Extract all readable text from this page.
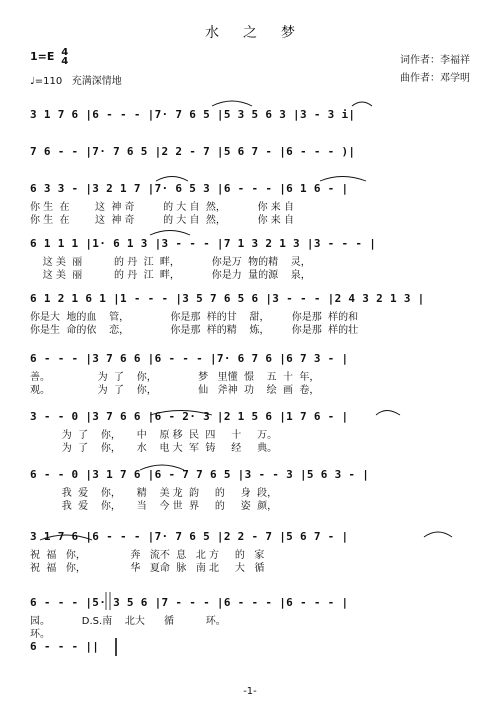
水之梦
1=E 4
4
♩=110 充满深情地
词作者：李福祥
曲作者：邓学明
3 1 7 6 |6 - - - |7· 7 6 5 |5 3 5 6 3 |3 - 3 i|
7 6 - - |7· 7 6 5 |2 2 - 7 |5 6 7 - |6 - - - )|
6 3 3 - |3 2 1 7 |7· 6 5 3 |6 - - - |6 1 6 - |
你 生  在        这  神 奇         的 大 自  然，          你 来 自
你 生  在        这  神 奇         的 大 自  然，          你 来 自
6 1 1 1 |1· 6 1 3 |3 - - - |7 1 3 2 1 3 |3 - - - |
这 美  丽          的 丹  江  畔，          你是万  物的精    灵，
这 美  丽          的 丹  江  畔，          你是力  量的源    泉，
6 1 2 1 6 1 |1 - - - |3 5 7 6 5 6 |3 - - - |2 4 3 2 1 3 |
你是大  地的血    管，             你是那  样的甘    甜，       你是那  样的和
你是生  命的依    恋，             你是那  样的精    炼，       你是那  样的壮
6 - - - |3 7 6 6 |6 - - - |7· 6 7 6 |6 7 3 - |
善。               为  了    你，             梦   里懂  憬    五  十  年，
观。               为  了    你，             仙   斧神  功    绘  画  卷，
3 - - 0 |3 7 6 6 |6 - 2· 3 |2 1 5 6 |1 7 6 - |
为  了    你，     中    原 移  民  四     十     万。
为  了    你，     水    电 大  军  铸     经     典。
6 - - 0 |3 1 7 6 |6 - 7 7 6 5 |3 - - 3 |5 6 3 - |
我  爱    你，     精    美 龙  韵     的     身  段，
我  爱    你，     当    今 世  界     的     姿  颜，
3 1 7 6 |6 - - - |7· 7 6 5 |2 2 - 7 |5 6 7 - |
祝  福   你，              奔   流不  息   北 方     的   家
祝  福   你，              华   夏命  脉   南 北     大   循
6 - - - |5· 3 5 6 |7 - - - |6 - - - |6 - - - |
园。          D.S.南    北大      循          环。
环。
6 - - - ||
-1-
